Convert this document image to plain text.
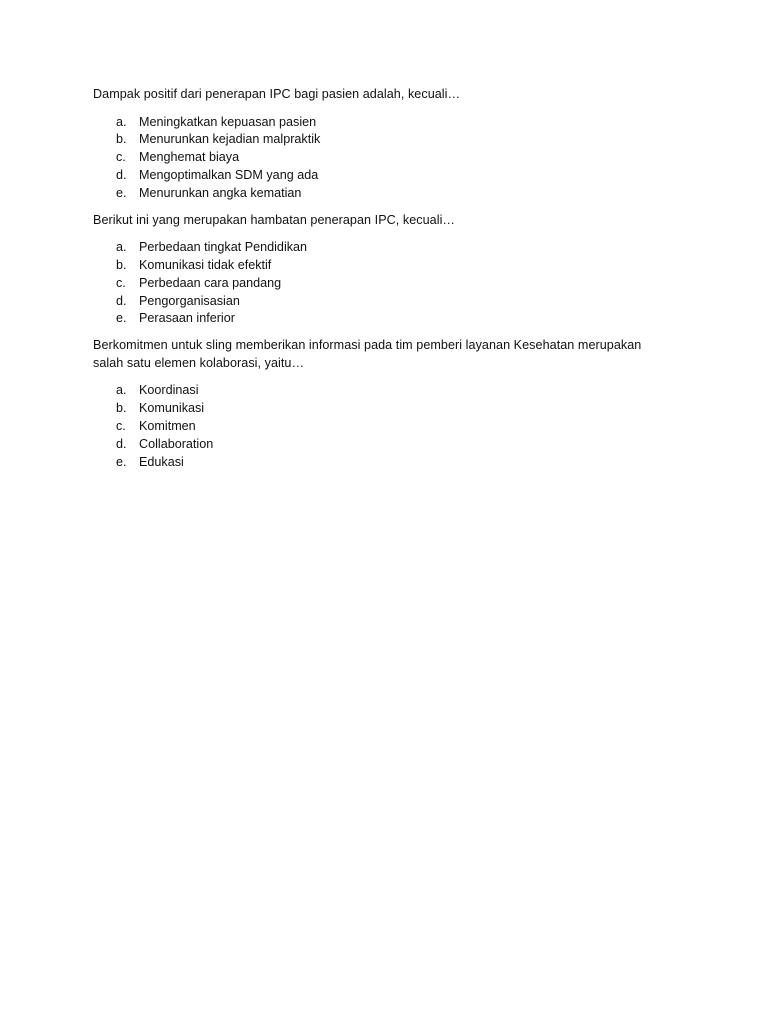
Dampak positif dari penerapan IPC bagi pasien adalah, kecuali…

a. Meningkatkan kepuasan pasien
b. Menurunkan kejadian malpraktik
c. Menghemat biaya
d. Mengoptimalkan SDM yang ada
e. Menurunkan angka kematian

Berikut ini yang merupakan hambatan penerapan IPC, kecuali…

a. Perbedaan tingkat Pendidikan
b. Komunikasi tidak efektif
c. Perbedaan cara pandang
d. Pengorganisasian
e. Perasaan inferior

Berkomitmen untuk sling memberikan informasi pada tim pemberi layanan Kesehatan merupakan salah satu elemen kolaborasi, yaitu…

a. Koordinasi
b. Komunikasi
c. Komitmen
d. Collaboration
e. Edukasi
